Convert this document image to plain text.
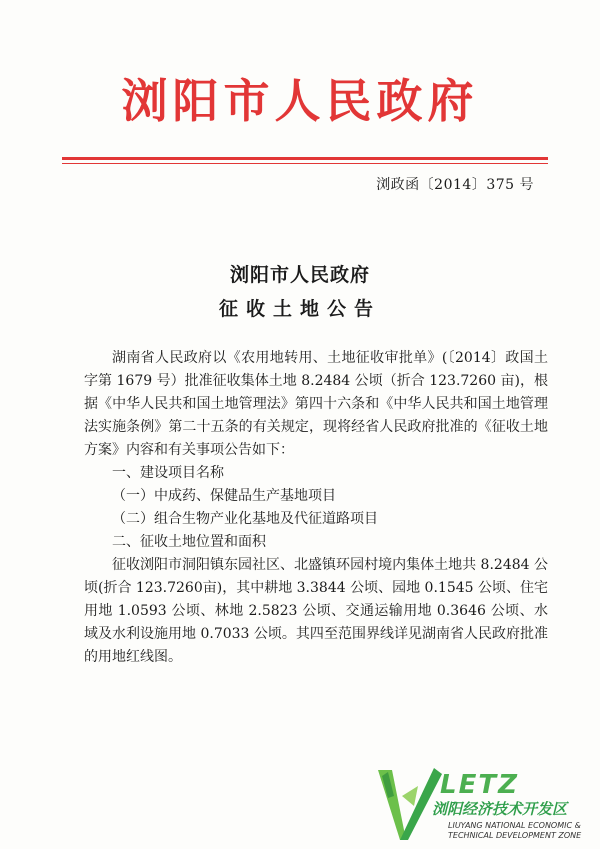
浏阳市人民政府
浏政函〔2014〕375 号
浏阳市人民政府
征收土地公告

湖南省人民政府以《农用地转用、土地征收审批单》(〔2014〕政国土字第 1679 号）批准征收集体土地 8.2484 公顷（折合 123.7260 亩)，根据《中华人民共和国土地管理法》第四十六条和《中华人民共和国土地管理法实施条例》第二十五条的有关规定，现将经省人民政府批准的《征收土地方案》内容和有关事项公告如下：

一、建设项目名称

（一）中成药、保健品生产基地项目

（二）组合生物产业化基地及代征道路项目

二、征收土地位置和面积

征收浏阳市洞阳镇东园社区、北盛镇环园村境内集体土地共 8.2484 公顷(折合 123.7260亩)，其中耕地 3.3844 公顷、园地 0.1545 公顷、住宅用地 1.0593 公顷、林地 2.5823 公顷、交通运输用地 0.3646 公顷、水域及水利设施用地 0.7033 公顷。其四至范围界线详见湖南省人民政府批准的用地红线图。

LETZ
浏阳经济技术开发区
LIUYANG NATIONAL ECONOMIC &
TECHNICAL DEVELOPMENT ZONE
